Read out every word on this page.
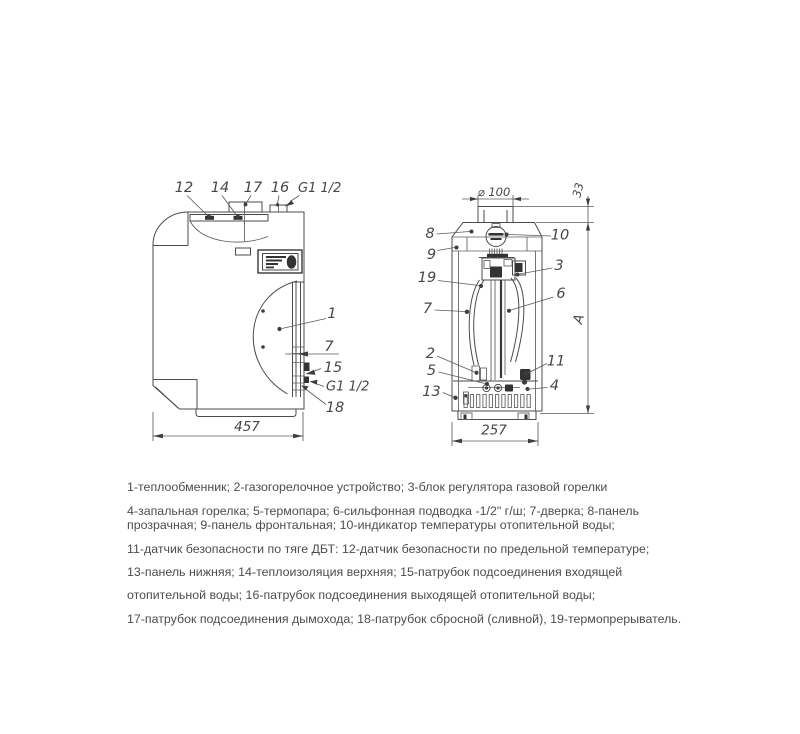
457
12 14 17 16 G1 1/2
1
7
15
G1 1/2
18
⌀ 100	33
A
257
8
9
19
7
2
5
13
10
3
6
11
4
1-теплообменник; 2-газогорелочное устройство; 3-блок регулятора газовой горелки
4-запальная горелка; 5-термопара; 6-сильфонная подводка -1/2" г/ш; 7-дверка; 8-панель
прозрачная; 9-панель фронтальная; 10-индикатор температуры отопительной воды;
11-датчик безопасности по тяге ДБТ: 12-датчик безопасности по предельной температуре;
13-панель нижняя; 14-теплоизоляция верхняя; 15-патрубок подсоединения входящей
отопительной воды; 16-патрубок подсоединения выходящей отопительной воды;
17-патрубок подсоединения дымохода; 18-патрубок сбросной (сливной), 19-термопрерыватель.
